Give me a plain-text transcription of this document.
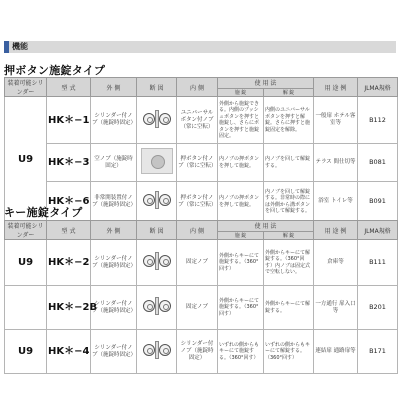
機能
押ボタン施錠タイプ
装着可能シリンダー	型 式	外 側	断 図	内 側	使 用 法		用 途 例	JLMA規格
					施 錠	解 錠		
U9	HK＊−1	シリンダー付ノブ（施錠時固定）		ユニバーサルボタン付ノブ（常に空転）	外側から施錠できる。内側のプッシュボタンを押すと施錠し、さらにボタンを押すと施錠固定。	内側のユニバーサルボタンを押すと解錠。さらに押すと施錠固定を解除。	一般扉 ホテル客室等	B112
	HK＊−3	空ノブ（施錠時固定）		押ボタン付ノブ（常に空転）	内ノブの押ボタンを押して施錠。	内ノブを回して解錠する。	テラス 間仕切等	B081
	HK＊−6	非常開装置付ノブ（施錠時固定）		押ボタン付ノブ（常に空転）	内ノブの押ボタンを押して施錠。	内ノブを回して解錠する。非常時の際には外側から溝ボタンを回して解錠する。	浴室 トイレ等	B091
キー施錠タイプ
装着可能シリンダー	型 式	外 側	断 図	内 側	使 用 法		用 途 例	JLMA規格
					施 錠	解 錠		
U9	HK＊−2	シリンダー付ノブ（施錠時固定）		固定ノブ	外側からキーにて施錠する。（360°回す）	外側からキーにて解錠する。（360°回す）内ノブは固定式で空転しない。	倉庫等	B111
	HK＊−2B	シリンダー付ノブ（施錠時固定）		固定ノブ	外側からキーにて施錠する。（360°回す）	外側からキーにて解錠する。	一方通行 扉入口等	B201
U9	HK＊−4	シリンダー付ノブ（施錠時固定）		シリンダー付ノブ（施錠時固定）	いずれの側からもキーにて施錠する。（360°回す）	いずれの側からもキーにて解錠する。（360°回す）	連結扉 通路扉等	B171
